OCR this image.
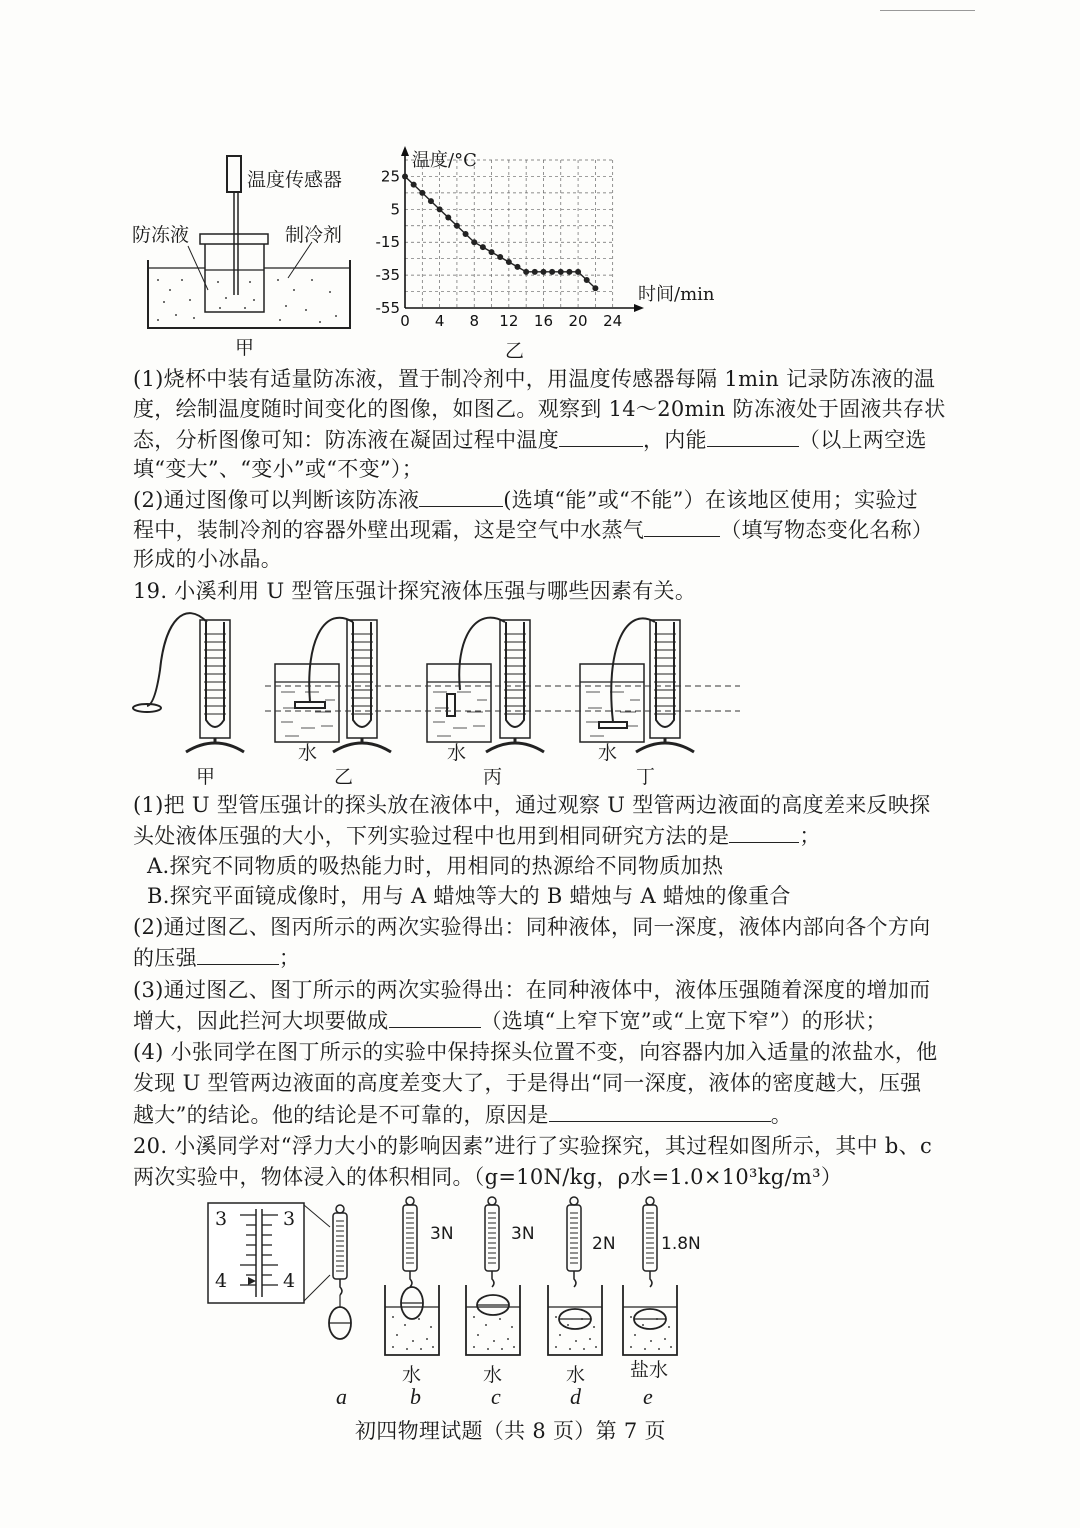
温度传感器
防冻液	制冷剂
甲
0 4 8 12 16 20 24
25
5
-15
-35
-55
温度/°C
时间/min
乙
(1)烧杯中装有适量防冻液，置于制冷剂中，用温度传感器每隔 1min 记录防冻液的温
度，绘制温度随时间变化的图像，如图乙。观察到 14～20min 防冻液处于固液共存状
态，分析图像可知：防冻液在凝固过程中温度	，内能	（以上两空选
填“变大”、“变小”或“不变”）；
(2)通过图像可以判断该防冻液	(选填“能”或“不能”）在该地区使用；实验过
程中，装制冷剂的容器外壁出现霜，这是空气中水蒸气	（填写物态变化名称）
形成的小冰晶。
19. 小溪利用 U 型管压强计探究液体压强与哪些因素有关。
水	水	水
甲	乙	丙	丁
(1)把 U 型管压强计的探头放在液体中，通过观察 U 型管两边液面的高度差来反映探
头处液体压强的大小，下列实验过程中也用到相同研究方法的是	；
A.探究不同物质的吸热能力时，用相同的热源给不同物质加热
B.探究平面镜成像时，用与 A 蜡烛等大的 B 蜡烛与 A 蜡烛的像重合
(2)通过图乙、图丙所示的两次实验得出：同种液体，同一深度，液体内部向各个方向
的压强	；
(3)通过图乙、图丁所示的两次实验得出：在同种液体中，液体压强随着深度的增加而
增大，因此拦河大坝要做成	（选填“上窄下宽”或“上宽下窄”）的形状；
(4) 小张同学在图丁所示的实验中保持探头位置不变，向容器内加入适量的浓盐水，他
发现 U 型管两边液面的高度差变大了，于是得出“同一深度，液体的密度越大，压强
越大”的结论。他的结论是不可靠的，原因是	。
20. 小溪同学对“浮力大小的影响因素”进行了实验探究，其过程如图所示，其中 b、c
两次实验中，物体浸入的体积相同。（g=10N/kg，ρ水=1.0×10³kg/m³）
3	3
4	4
3N	3N	2N	1.8N
水	水	水 盐水
a	b	c	d	e
初四物理试题（共 8 页）第 7 页
